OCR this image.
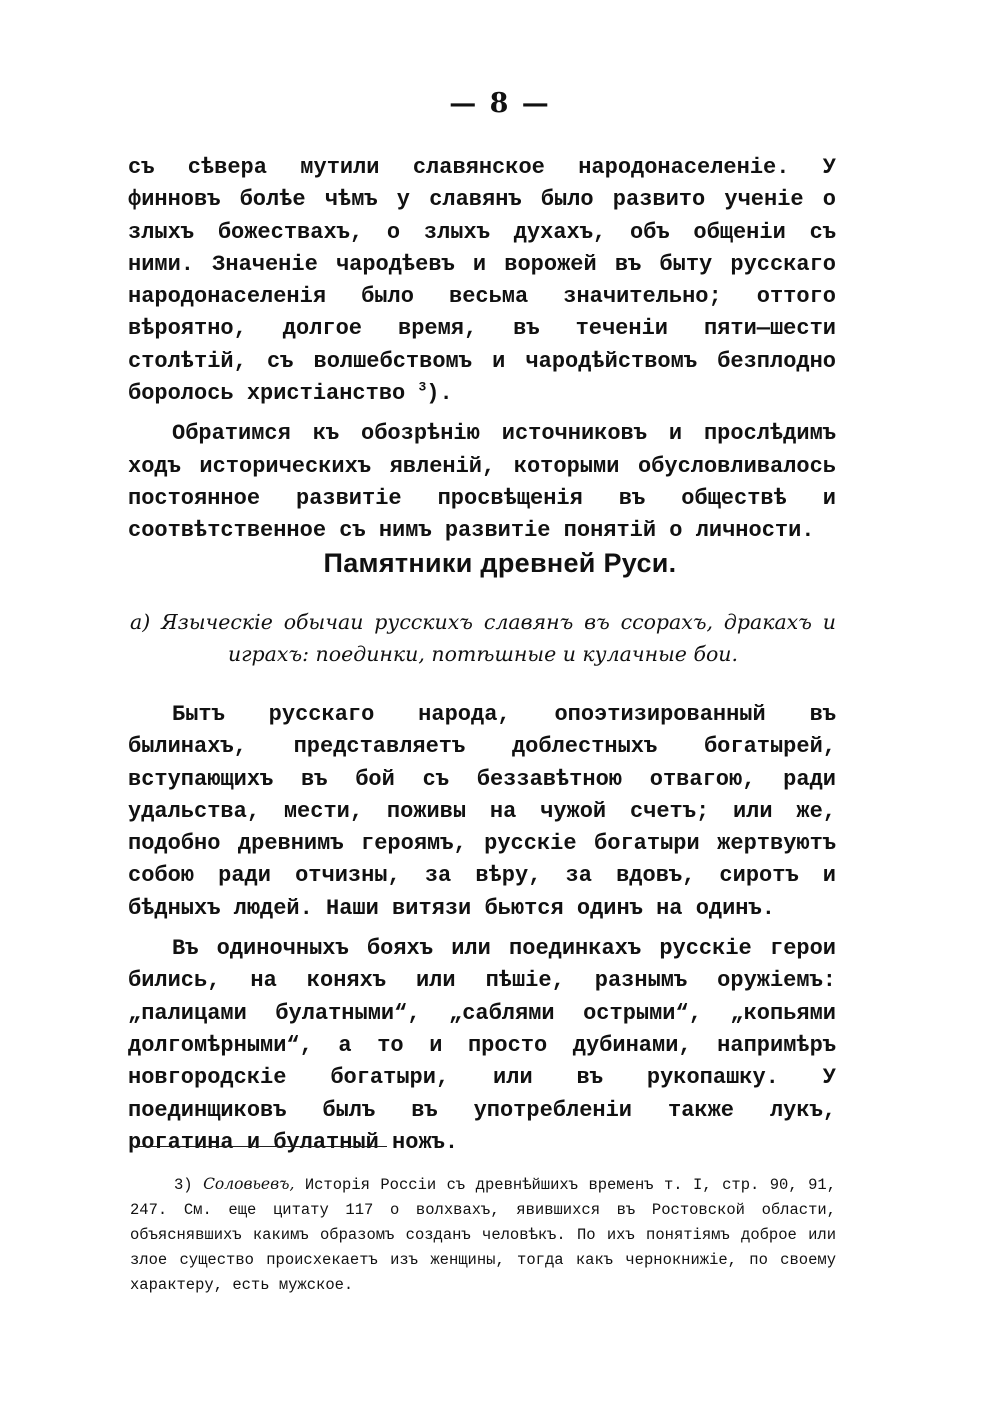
— 8 —

съ сѣвера мутили славянское народонаселеніе. У финновъ болѣе чѣмъ у славянъ было развито ученіе о злыхъ божествахъ, о злыхъ духахъ, объ общеніи съ ними. Значеніе чародѣевъ и ворожей въ быту русскаго народонаселенія было весьма значительно; оттого вѣроятно, долгое время, въ теченіи пяти—шести столѣтій, съ волшебствомъ и чародѣйствомъ безплодно боролось христіанство $^3$).

Обратимся къ обозрѣнію источниковъ и прослѣдимъ ходъ историческихъ явленій, которыми обусловливалось постоянное развитіе просвѣщенія въ обществѣ и соотвѣтственное съ нимъ развитіе понятій о личности.

Памятники древней Руси.
а) Языческіе обычаи русскихъ славянъ въ ссорахъ, дракахъ и
играхъ: поединки, потѣшные и кулачные бои.

Бытъ русскаго народа, опоэтизированный въ былинахъ, представляетъ доблестныхъ богатырей, вступающихъ въ бой съ беззавѣтною отвагою, ради удальства, мести, поживы на чужой счетъ; или же, подобно древнимъ героямъ, русскіе богатыри жертвуютъ собою ради отчизны, за вѣру, за вдовъ, сиротъ и бѣдныхъ людей. Наши витязи бьются одинъ на одинъ.

Въ одиночныхъ бояхъ или поединкахъ русскіе герои бились, на коняхъ или пѣшіе, разнымъ оружіемъ: „палицами булатными“, „саблями острыми“, „копьями долгомѣрными“, а то и просто дубинами, напримѣръ новгородскіе богатыри, или въ рукопашку. У поединщиковъ былъ въ употребленіи также лукъ, рогатина и булатный ножъ.

3) Соловьевъ, Исторія Россіи съ древнѣйшихъ временъ т. I, стр. 90, 91, 247. См. еще цитату 117 о волхвахъ, явившихся въ Ростовской области, объяснявшихъ какимъ образомъ созданъ человѣкъ. По ихъ понятіямъ доброе или злое существо происхекаетъ изъ женщины, тогда какъ чернокнижіе, по своему характеру, есть мужское.
